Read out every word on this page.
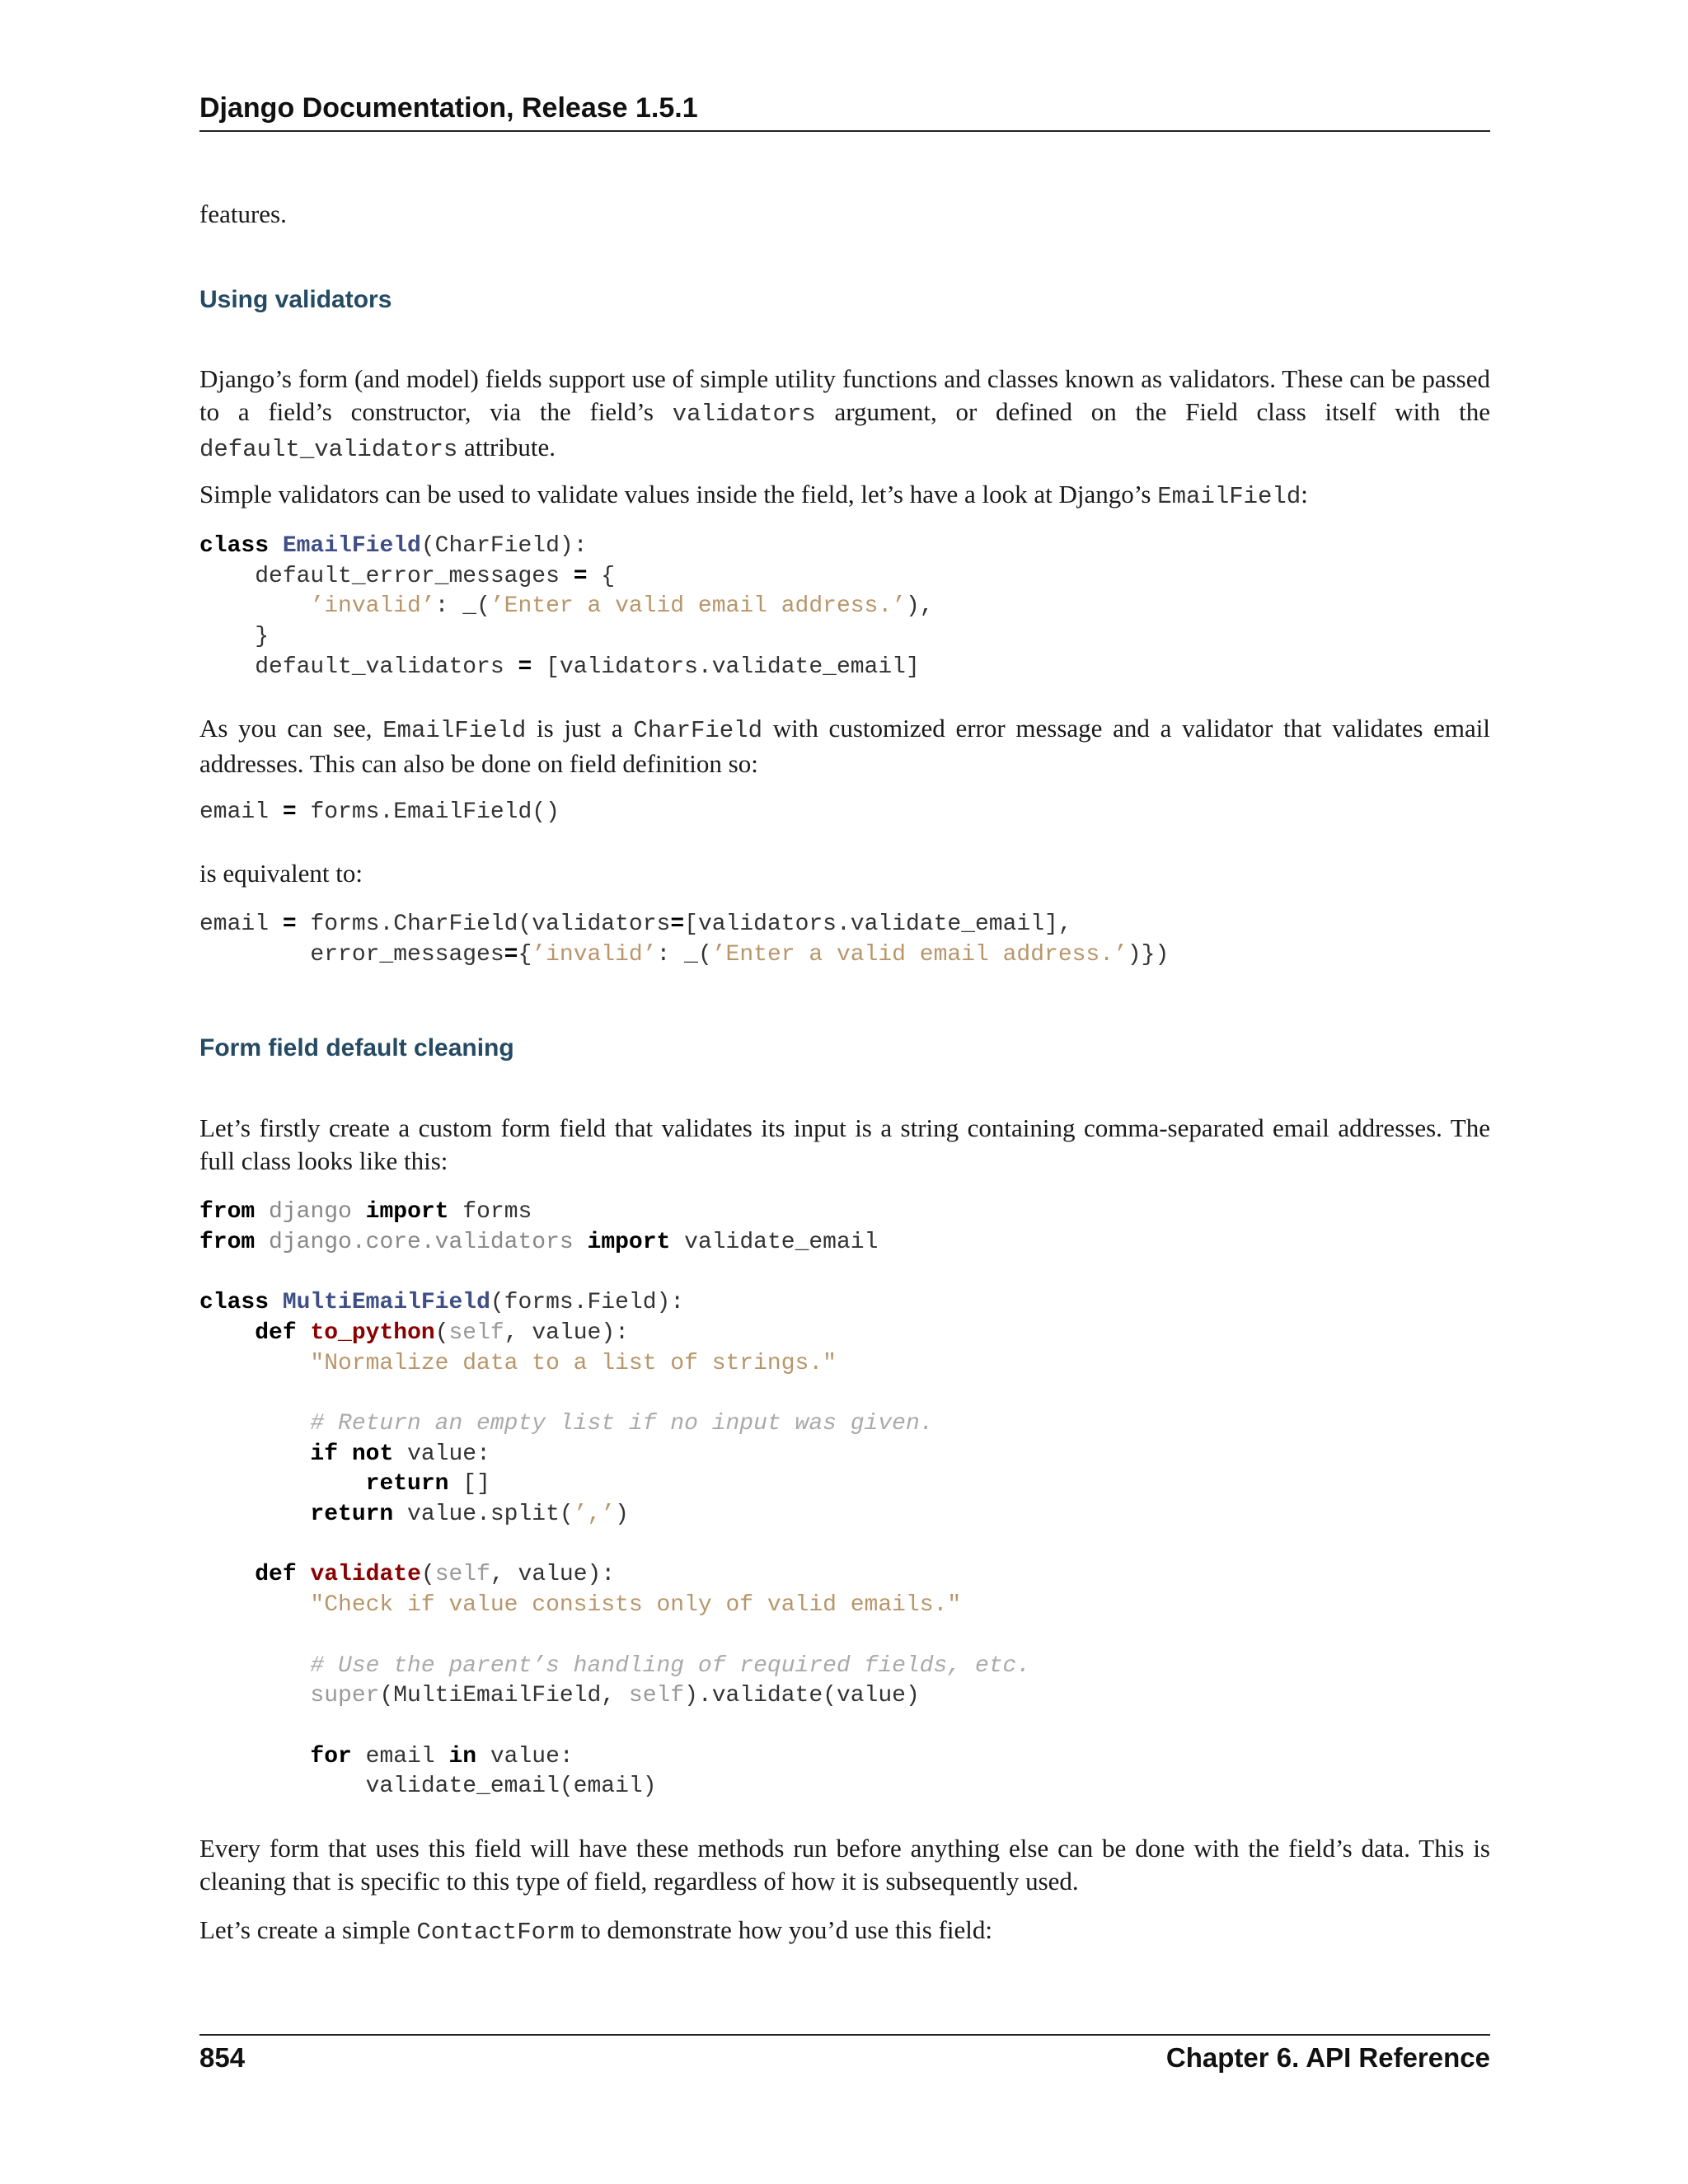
Django Documentation, Release 1.5.1

features.

Using validators

Django’s form (and model) fields support use of simple utility functions and classes known as validators. These can be passed to a field’s constructor, via the field’s validators argument, or defined on the Field class itself with the default_validators attribute.

Simple validators can be used to validate values inside the field, let’s have a look at Django’s EmailField:

class EmailField(CharField):
default_error_messages = {
’invalid’: _(’Enter a valid email address.’),
}
default_validators = [validators.validate_email]

As you can see, EmailField is just a CharField with customized error message and a validator that validates email addresses. This can also be done on field definition so:

email = forms.EmailField()

is equivalent to:

email = forms.CharField(validators=[validators.validate_email],
error_messages={’invalid’: _(’Enter a valid email address.’)})
Form field default cleaning

Let’s firstly create a custom form field that validates its input is a string containing comma-separated email addresses. The full class looks like this:

from django import forms
from django.core.validators import validate_email

class MultiEmailField(forms.Field):
def to_python(self, value):
"Normalize data to a list of strings."

# Return an empty list if no input was given.
if not value:
return []
return value.split(’,’)

def validate(self, value):
"Check if value consists only of valid emails."

# Use the parent’s handling of required fields, etc.
super(MultiEmailField, self).validate(value)

for email in value:
validate_email(email)

Every form that uses this field will have these methods run before anything else can be done with the field’s data. This is cleaning that is specific to this type of field, regardless of how it is subsequently used.

Let’s create a simple ContactForm to demonstrate how you’d use this field:

854	Chapter 6. API Reference
